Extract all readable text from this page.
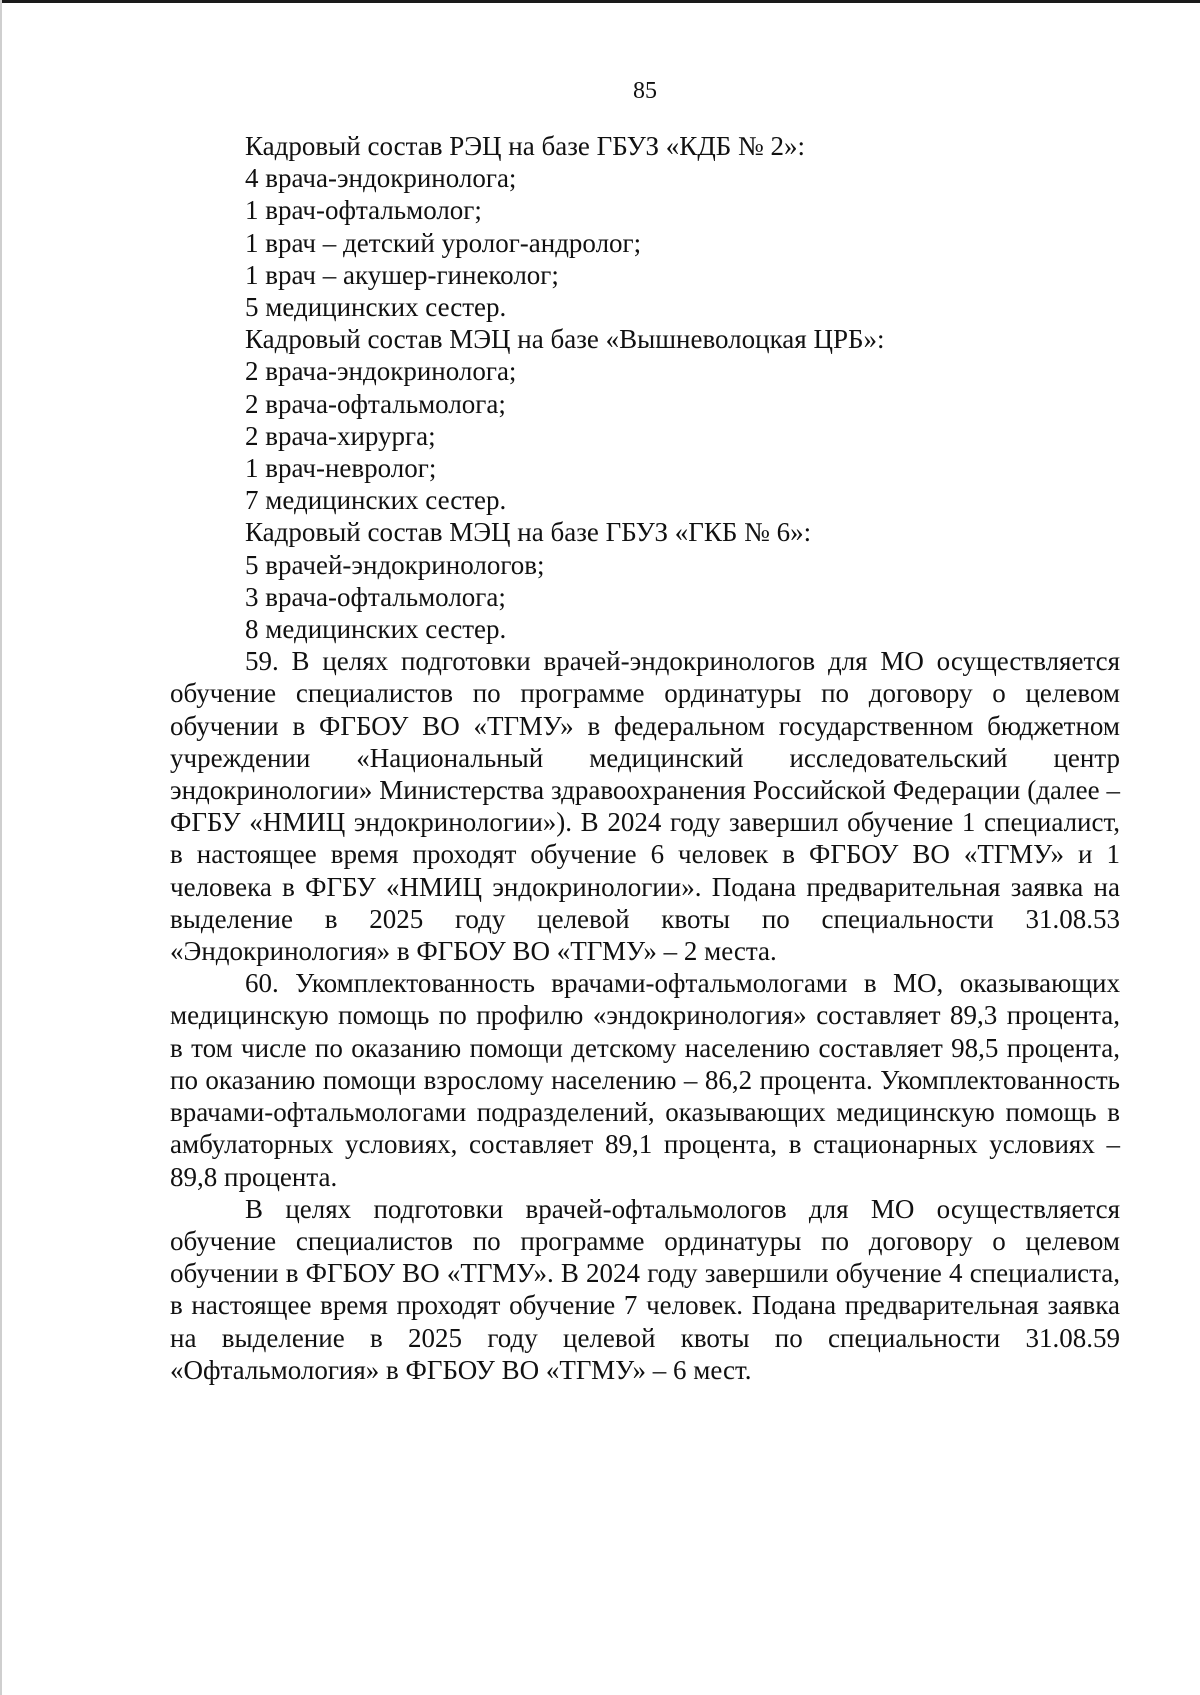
85

Кадровый состав РЭЦ на базе ГБУЗ «КДБ № 2»:

4 врача-эндокринолога;

1 врач-офтальмолог;

1 врач – детский уролог-андролог;

1 врач – акушер-гинеколог;

5 медицинских сестер.

Кадровый состав МЭЦ на базе «Вышневолоцкая ЦРБ»:

2 врача-эндокринолога;

2 врача-офтальмолога;

2 врача-хирурга;

1 врач-невролог;

7 медицинских сестер.

Кадровый состав МЭЦ на базе ГБУЗ «ГКБ № 6»:

5 врачей-эндокринологов;

3 врача-офтальмолога;

8 медицинских сестер.

59. В целях подготовки врачей-эндокринологов для МО осуществляется обучение специалистов по программе ординатуры по договору о целевом обучении в ФГБОУ ВО «ТГМУ» в федеральном государственном бюджетном учреждении «Национальный медицинский исследовательский центр эндокринологии» Министерства здравоохранения Российской Федерации (далее – ФГБУ «НМИЦ эндокринологии»). В 2024 году завершил обучение 1 специалист, в настоящее время проходят обучение 6 человек в ФГБОУ ВО «ТГМУ» и 1 человека в ФГБУ «НМИЦ эндокринологии». Подана предварительная заявка на выделение в 2025 году целевой квоты по специальности 31.08.53 «Эндокринология» в ФГБОУ ВО «ТГМУ» – 2 места.

60. Укомплектованность врачами-офтальмологами в МО, оказывающих медицинскую помощь по профилю «эндокринология» составляет 89,3 процента, в том числе по оказанию помощи детскому населению составляет 98,5 процента, по оказанию помощи взрослому населению – 86,2 процента. Укомплектованность врачами-офтальмологами подразделений, оказывающих медицинскую помощь в амбулаторных условиях, составляет 89,1 процента, в стационарных условиях – 89,8 процента.

В целях подготовки врачей-офтальмологов для МО осуществляется обучение специалистов по программе ординатуры по договору о целевом обучении в ФГБОУ ВО «ТГМУ». В 2024 году завершили обучение 4 специалиста, в настоящее время проходят обучение 7 человек. Подана предварительная заявка на выделение в 2025 году целевой квоты по специальности 31.08.59 «Офтальмология» в ФГБОУ ВО «ТГМУ» – 6 мест.
